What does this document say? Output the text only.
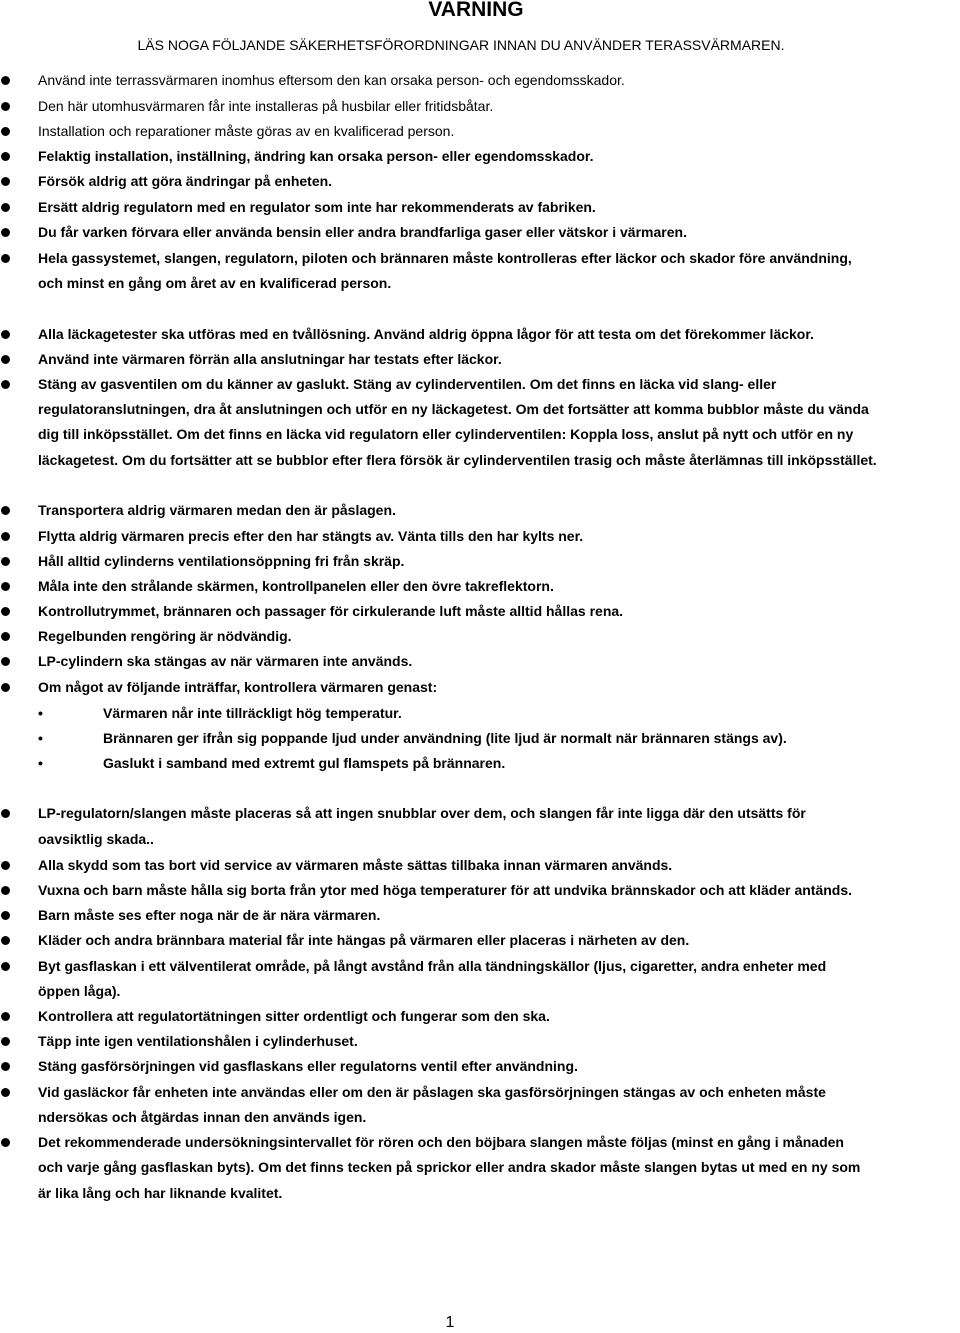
VARNING
LÄS NOGA FÖLJANDE SÄKERHETSFÖRORDNINGAR INNAN DU ANVÄNDER TERASSVÄRMAREN.
Använd inte terrassvärmaren inomhus eftersom den kan orsaka person- och egendomsskador.
Den här utomhusvärmaren får inte installeras på husbilar eller fritidsbåtar.
Installation och reparationer måste göras av en kvalificerad person.
Felaktig installation, inställning, ändring kan orsaka person- eller egendomsskador.
Försök aldrig att göra ändringar på enheten.
Ersätt aldrig regulatorn med en regulator som inte har rekommenderats av fabriken.
Du får varken förvara eller använda bensin eller andra brandfarliga gaser eller vätskor i värmaren.
Hela gassystemet, slangen, regulatorn, piloten och brännaren måste kontrolleras efter läckor och skador före användning,
och minst en gång om året av en kvalificerad person.
Alla läckagetester ska utföras med en tvållösning. Använd aldrig öppna lågor för att testa om det förekommer läckor.
Använd inte värmaren förrän alla anslutningar har testats efter läckor.
Stäng av gasventilen om du känner av gaslukt. Stäng av cylinderventilen. Om det finns en läcka vid slang- eller
regulatoranslutningen, dra åt anslutningen och utför en ny läckagetest. Om det fortsätter att komma bubblor måste du vända
dig till inköpsstället. Om det finns en läcka vid regulatorn eller cylinderventilen: Koppla loss, anslut på nytt och utför en ny
läckagetest. Om du fortsätter att se bubblor efter flera försök är cylinderventilen trasig och måste återlämnas till inköpsstället.
Transportera aldrig värmaren medan den är påslagen.
Flytta aldrig värmaren precis efter den har stängts av. Vänta tills den har kylts ner.
Håll alltid cylinderns ventilationsöppning fri från skräp.
Måla inte den strålande skärmen, kontrollpanelen eller den övre takreflektorn.
Kontrollutrymmet, brännaren och passager för cirkulerande luft måste alltid hållas rena.
Regelbunden rengöring är nödvändig.
LP-cylindern ska stängas av när värmaren inte används.
Om något av följande inträffar, kontrollera värmaren genast:
LP-regulatorn/slangen måste placeras så att ingen snubblar over dem, och slangen får inte ligga där den utsätts för
oavsiktlig skada..
Alla skydd som tas bort vid service av värmaren måste sättas tillbaka innan värmaren används.
Vuxna och barn måste hålla sig borta från ytor med höga temperaturer för att undvika brännskador och att kläder antänds.
Barn måste ses efter noga när de är nära värmaren.
Kläder och andra brännbara material får inte hängas på värmaren eller placeras i närheten av den.
Byt gasflaskan i ett välventilerat område, på långt avstånd från alla tändningskällor (ljus, cigaretter, andra enheter med
öppen låga).
Kontrollera att regulatortätningen sitter ordentligt och fungerar som den ska.
Täpp inte igen ventilationshålen i cylinderhuset.
Stäng gasförsörjningen vid gasflaskans eller regulatorns ventil efter användning.
Vid gasläckor får enheten inte användas eller om den är påslagen ska gasförsörjningen stängas av och enheten måste
ndersökas och åtgärdas innan den används igen.
Det rekommenderade undersökningsintervallet för rören och den böjbara slangen måste följas (minst en gång i månaden
och varje gång gasflaskan byts). Om det finns tecken på sprickor eller andra skador måste slangen bytas ut med en ny som
är lika lång och har liknande kvalitet.
•	Värmaren når inte tillräckligt hög temperatur.
•	Brännaren ger ifrån sig poppande ljud under användning (lite ljud är normalt när brännaren stängs av).
•	Gaslukt i samband med extremt gul flamspets på brännaren.
1
